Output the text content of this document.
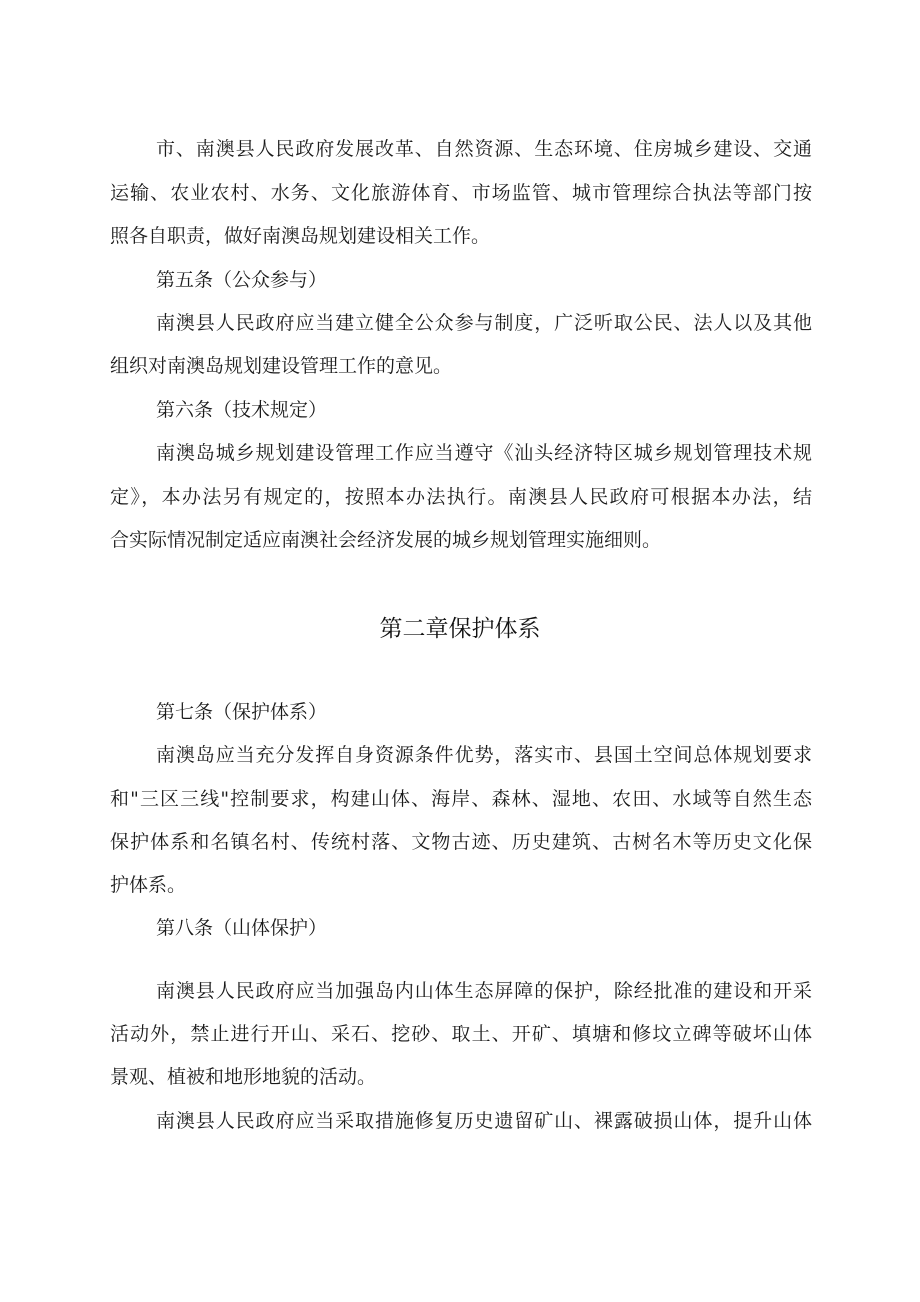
市、南澳县人民政府发展改革、自然资源、生态环境、住房城乡建设、交通
运输、农业农村、水务、文化旅游体育、市场监管、城市管理综合执法等部门按
照各自职责，做好南澳岛规划建设相关工作。
第五条（公众参与）
南澳县人民政府应当建立健全公众参与制度，广泛听取公民、法人以及其他
组织对南澳岛规划建设管理工作的意见。
第六条（技术规定）
南澳岛城乡规划建设管理工作应当遵守《汕头经济特区城乡规划管理技术规
定》，本办法另有规定的，按照本办法执行。南澳县人民政府可根据本办法，结
合实际情况制定适应南澳社会经济发展的城乡规划管理实施细则。
第二章保护体系
第七条（保护体系）
南澳岛应当充分发挥自身资源条件优势，落实市、县国土空间总体规划要求
和"三区三线"控制要求，构建山体、海岸、森林、湿地、农田、水域等自然生态
保护体系和名镇名村、传统村落、文物古迹、历史建筑、古树名木等历史文化保
护体系。
第八条（山体保护）
南澳县人民政府应当加强岛内山体生态屏障的保护，除经批准的建设和开采
活动外，禁止进行开山、采石、挖砂、取土、开矿、填塘和修坟立碑等破坏山体
景观、植被和地形地貌的活动。
南澳县人民政府应当采取措施修复历史遗留矿山、裸露破损山体，提升山体
